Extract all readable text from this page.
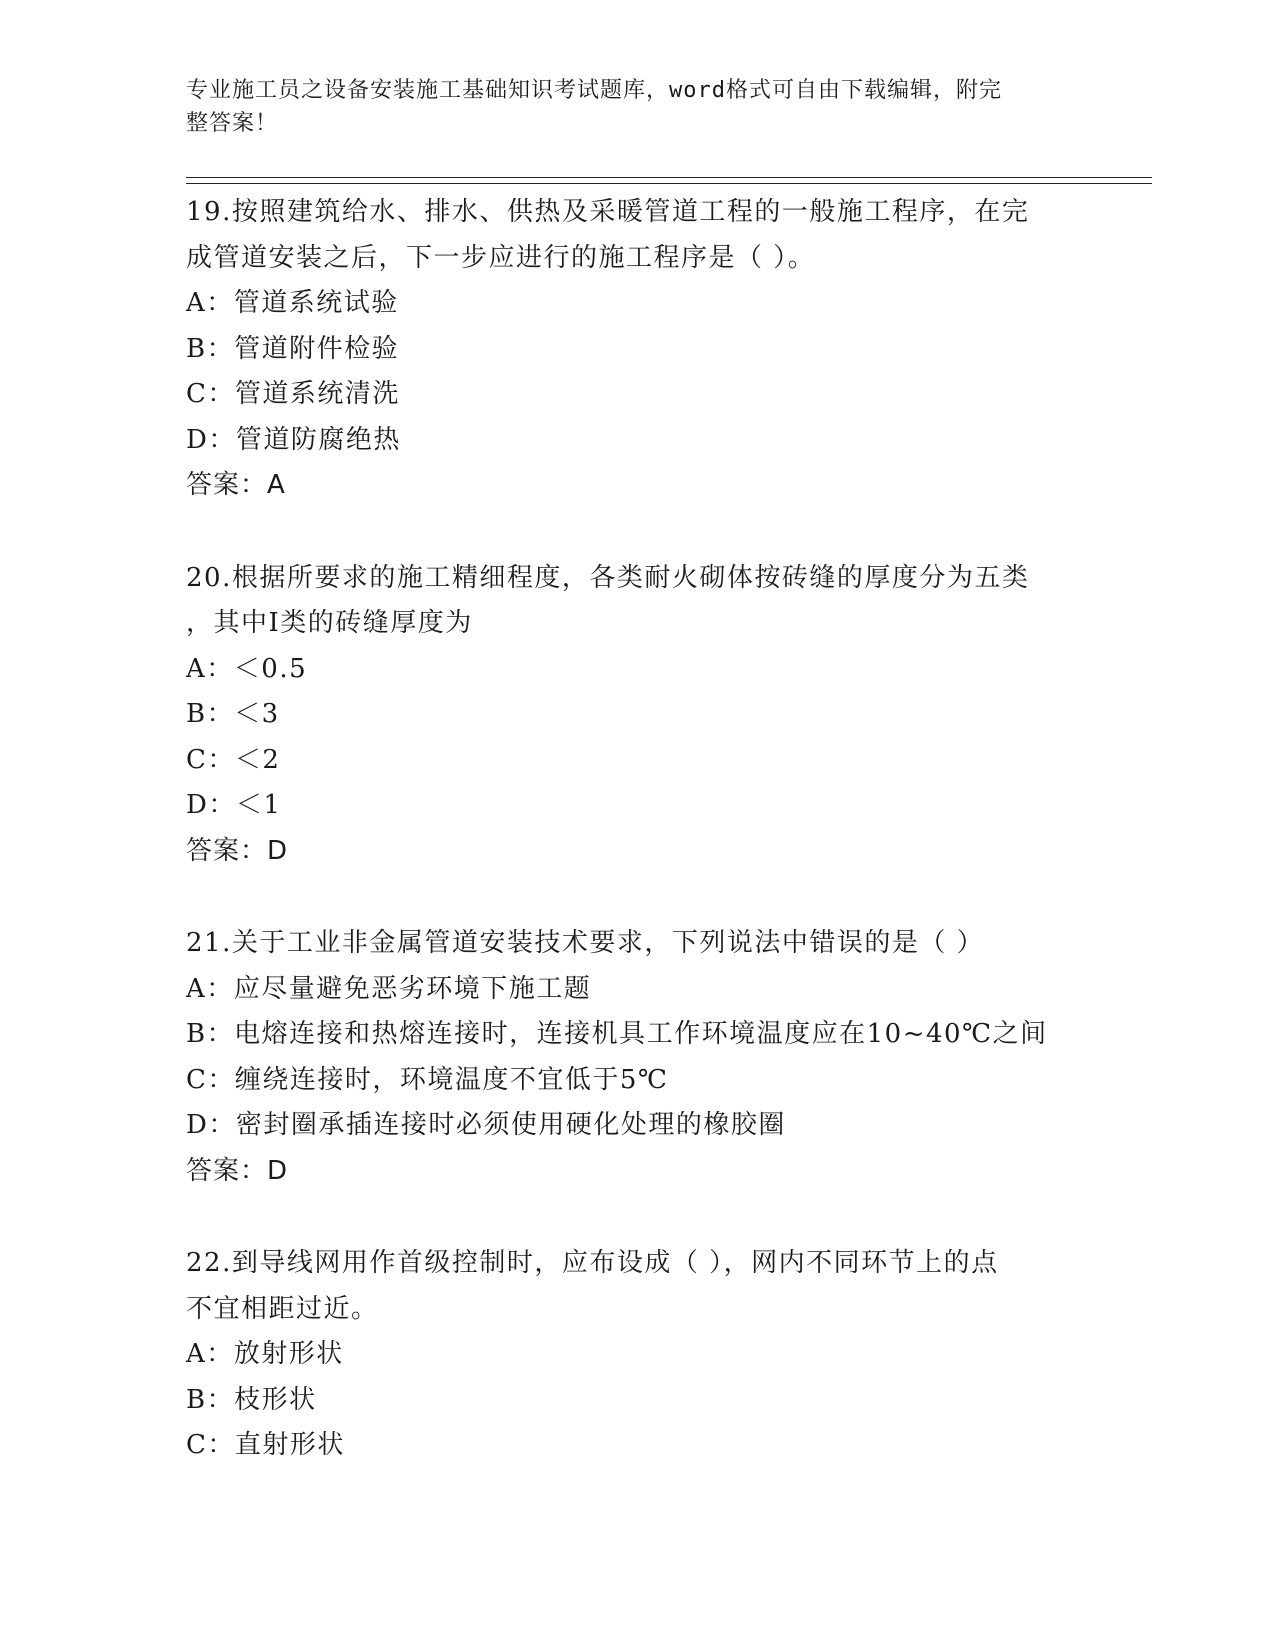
专业施工员之设备安装施工基础知识考试题库，word格式可自由下载编辑，附完
整答案！
19.按照建筑给水、排水、供热及采暖管道工程的一般施工程序，在完
成管道安装之后，下一步应进行的施工程序是（ ）。
A：管道系统试验
B：管道附件检验
C：管道系统清洗
D：管道防腐绝热
答案：A
20.根据所要求的施工精细程度，各类耐火砌体按砖缝的厚度分为五类
，其中Ⅰ类的砖缝厚度为
A：＜0.5
B：＜3
C：＜2
D：＜1
答案：D
21.关于工业非金属管道安装技术要求，下列说法中错误的是（ ）
A：应尽量避免恶劣环境下施工题
B：电熔连接和热熔连接时，连接机具工作环境温度应在10~40℃之间
C：缠绕连接时，环境温度不宜低于5℃
D：密封圈承插连接时必须使用硬化处理的橡胶圈
答案：D
22.到导线网用作首级控制时，应布设成（ ），网内不同环节上的点
不宜相距过近。
A：放射形状
B：枝形状
C：直射形状
